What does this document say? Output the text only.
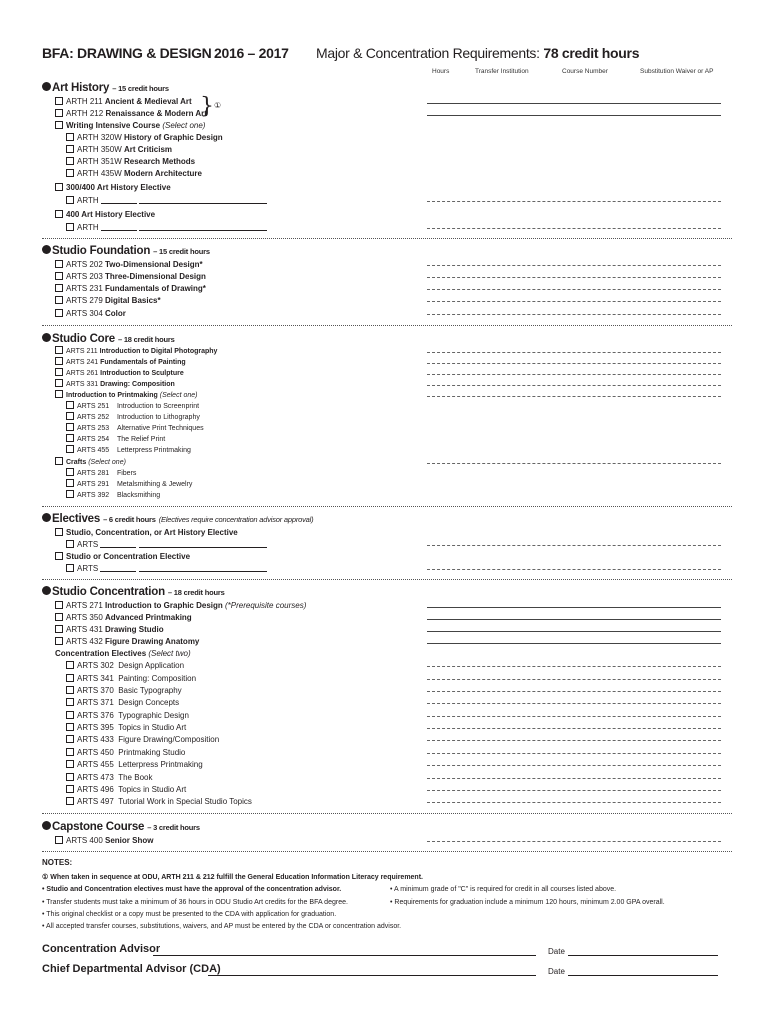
BFA: DRAWING & DESIGN 2016 – 2017 Major & Concentration Requirements: 78 credit hours
Hours	Transfer Institution	Course Number	Substitution Waiver or AP
Art History – 15 credit hours
ARTH 211 Ancient & Medieval Art
ARTH 212 Renaissance & Modern Art
} ①
Writing Intensive Course (Select one)
ARTH 320W History of Graphic Design
ARTH 350W Art Criticism
ARTH 351W Research Methods
ARTH 435W Modern Architecture
300/400 Art History Elective
ARTH
400 Art History Elective
ARTH
Studio Foundation – 15 credit hours
ARTS 202 Two-Dimensional Design*
ARTS 203 Three-Dimensional Design
ARTS 231 Fundamentals of Drawing*
ARTS 279 Digital Basics*
ARTS 304 Color
Studio Core – 18 credit hours
ARTS 211 Introduction to Digital Photography
ARTS 241 Fundamentals of Painting
ARTS 261 Introduction to Sculpture
ARTS 331 Drawing: Composition
Introduction to Printmaking (Select one)
ARTS 251 Introduction to Screenprint
ARTS 252 Introduction to Lithography
ARTS 253 Alternative Print Techniques
ARTS 254 The Relief Print
ARTS 455 Letterpress Printmaking
Crafts (Select one)
ARTS 281 Fibers
ARTS 291 Metalsmithing & Jewelry
ARTS 392 Blacksmithing
Electives – 6 credit hours (Electives require concentration advisor approval)
Studio, Concentration, or Art History Elective
ARTS
Studio or Concentration Elective
ARTS
Studio Concentration – 18 credit hours
ARTS 271 Introduction to Graphic Design (*Prerequisite courses)
ARTS 350 Advanced Printmaking
ARTS 431 Drawing Studio
ARTS 432 Figure Drawing Anatomy
Concentration Electives (Select two)
ARTS 302 Design Application
ARTS 341 Painting: Composition
ARTS 370 Basic Typography
ARTS 371 Design Concepts
ARTS 376 Typographic Design
ARTS 395 Topics in Studio Art
ARTS 433 Figure Drawing/Composition
ARTS 450 Printmaking Studio
ARTS 455 Letterpress Printmaking
ARTS 473 The Book
ARTS 496 Topics in Studio Art
ARTS 497 Tutorial Work in Special Studio Topics
Capstone Course – 3 credit hours
ARTS 400 Senior Show
NOTES:
① When taken in sequence at ODU, ARTH 211 & 212 fulfill the General Education Information Literacy requirement.
• Studio and Concentration electives must have the approval of the concentration advisor.	• A minimum grade of "C" is required for credit in all courses listed above.
• Transfer students must take a minimum of 36 hours in ODU Studio Art credits for the BFA degree.	• Requirements for graduation include a minimum 120 hours, minimum 2.00 GPA overall.
• This original checklist or a copy must be presented to the CDA with application for graduation.
• All accepted transfer courses, substitutions, waivers, and AP must be entered by the CDA or concentration advisor.
Concentration Advisor	Date
Chief Departmental Advisor (CDA)	Date
